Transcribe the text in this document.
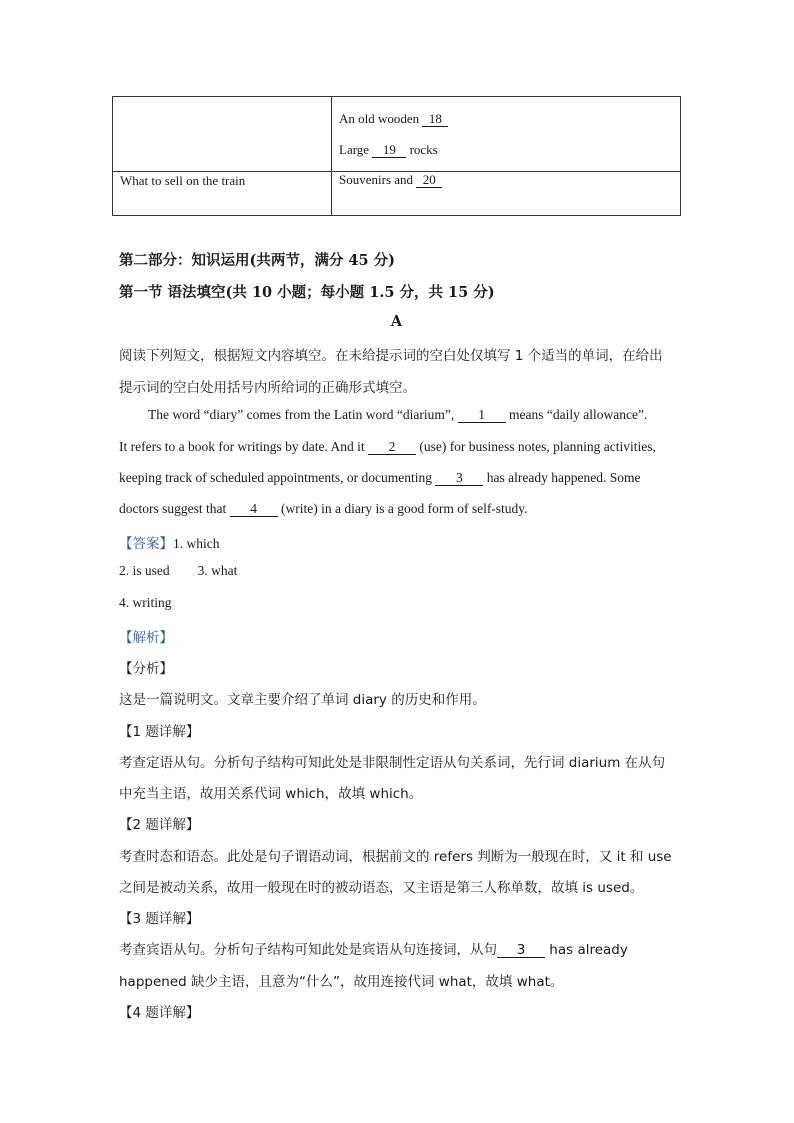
	An old wooden 18
Large 19 rocks

What to sell on the train	Souvenirs and 20
第二部分：知识运用(共两节，满分 45 分)
第一节 语法填空(共 10 小题；每小题 1.5 分，共 15 分)
A
阅读下列短文，根据短文内容填空。在未给提示词的空白处仅填写 1 个适当的单词，在给出
提示词的空白处用括号内所给词的正确形式填空。
The word “diary” comes from the Latin word “diarium”, 1 means “daily allowance”.
It refers to a book for writings by date. And it 2 (use) for business notes, planning activities,
keeping track of scheduled appointments, or documenting 3 has already happened. Some
doctors suggest that 4 (write) in a diary is a good form of self-study.
【答案】1. which
2. is used 3. what
4. writing
【解析】
【分析】
这是一篇说明文。文章主要介绍了单词 diary 的历史和作用。
【1 题详解】
考查定语从句。分析句子结构可知此处是非限制性定语从句关系词，先行词 diarium 在从句
中充当主语，故用关系代词 which，故填 which。
【2 题详解】
考查时态和语态。此处是句子谓语动词，根据前文的 refers 判断为一般现在时，又 it 和 use
之间是被动关系，故用一般现在时的被动语态，又主语是第三人称单数，故填 is used。
【3 题详解】
考查宾语从句。分析句子结构可知此处是宾语从句连接词，从句 3 has already
happened 缺少主语，且意为“什么”，故用连接代词 what，故填 what。
【4 题详解】
